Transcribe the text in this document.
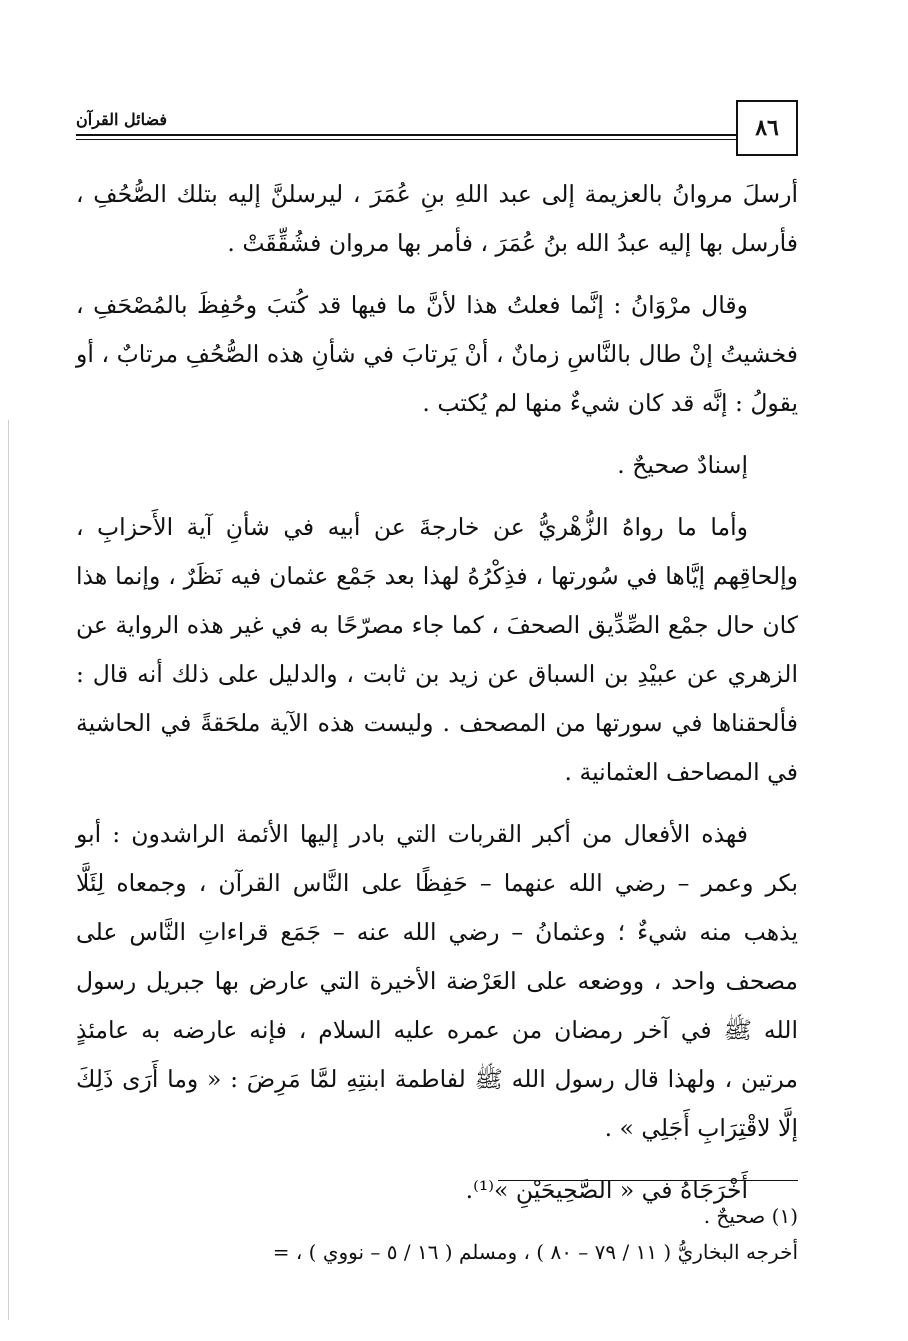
٨٦
فضائل القرآن

أرسلَ مروانُ بالعزيمة إلى عبد اللهِ بنِ عُمَرَ ، ليرسلنَّ إليه بتلك الصُّحُفِ ، فأرسل بها إليه عبدُ الله بنُ عُمَرَ ، فأمر بها مروان فشُقِّقَتْ .

وقال مرْوَانُ : إنَّما فعلتُ هذا لأنَّ ما فيها قد كُتبَ وحُفِظَ بالمُصْحَفِ ، فخشيتُ إنْ طال بالنَّاسِ زمانٌ ، أنْ يَرتابَ في شأنِ هذه الصُّحُفِ مرتابٌ ، أو يقولُ : إنَّه قد كان شيءٌ منها لم يُكتب .

إسنادٌ صحيحٌ .

وأما ما رواهُ الزُّهْريُّ عن خارجةَ عن أبيه في شأنِ آية الأَحزابِ ، وإلحاقِهم إيَّاها في سُورتها ، فذِكْرُهُ لهذا بعد جَمْع عثمان فيه نَظَرٌ ، وإنما هذا كان حال جمْع الصِّدِّيق الصحفَ ، كما جاء مصرّحًا به في غير هذه الرواية عن الزهري عن عبيْدِ بن السباق عن زيد بن ثابت ، والدليل على ذلك أنه قال : فألحقناها في سورتها من المصحف . وليست هذه الآية ملحَقةً في الحاشية في المصاحف العثمانية .

فهذه الأفعال من أكبر القربات التي بادر إليها الأئمة الراشدون : أبو بكر وعمر – رضي الله عنهما – حَفِظًا على النَّاس القرآن ، وجمعاه لِئَلَّا يذهب منه شيءٌ ؛ وعثمانُ – رضي الله عنه – جَمَع قراءاتِ النَّاس على مصحف واحد ، ووضعه على العَرْضة الأخيرة التي عارض بها جبريل رسول الله ﷺ في آخر رمضان من عمره عليه السلام ، فإنه عارضه به عامئذٍ مرتين ، ولهذا قال رسول الله ﷺ لفاطمة ابنتِهِ لمَّا مَرِضَ : « وما أَرَى ذَلِكَ إلَّا لاقْتِرَابِ أَجَلِي » .

أَخْرَجَاهُ في « الصَّحِيحَيْنِ »⁽¹⁾.

(١) صحيحٌ .

أخرجه البخاريُّ ( ١١ / ٧٩ – ٨٠ ) ، ومسلم ( ١٦ / ٥ – نووي ) ، =
